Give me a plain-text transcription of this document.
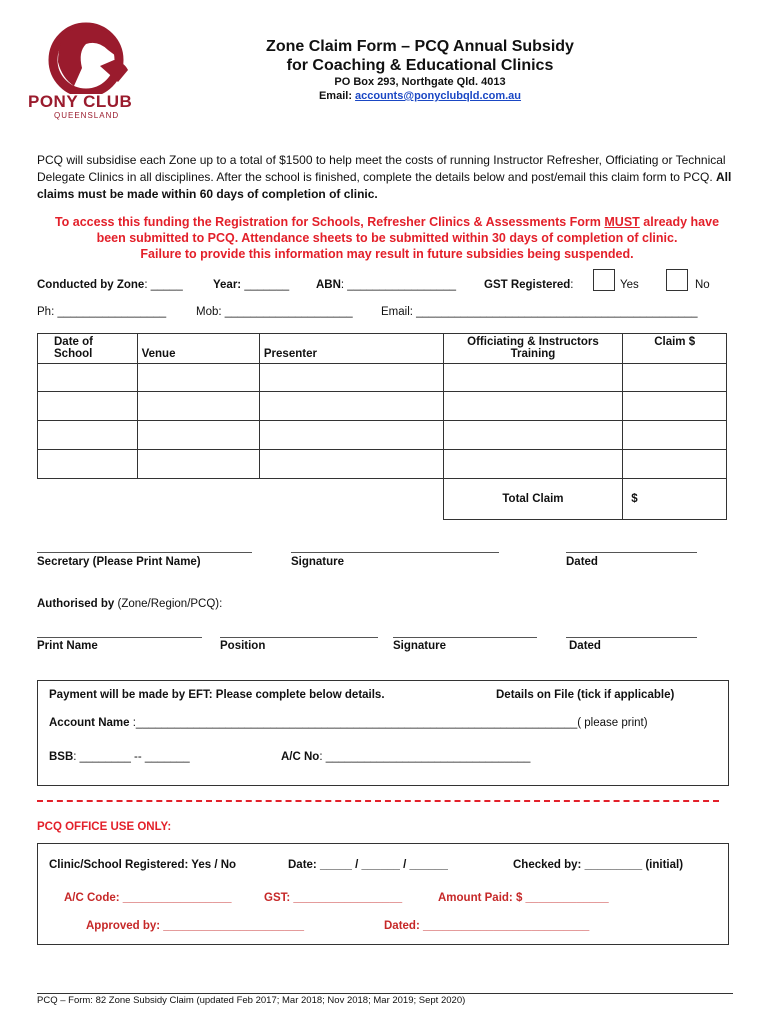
PONY CLUB
QUEENSLAND
Zone Claim Form – PCQ Annual Subsidy
for Coaching & Educational Clinics
PO Box 293, Northgate Qld. 4013
Email: accounts@ponyclubqld.com.au
PCQ will subsidise each Zone up to a total of $1500 to help meet the costs of running Instructor Refresher, Officiating or Technical Delegate Clinics in all disciplines. After the school is finished, complete the details below and post/email this claim form to PCQ. All claims must be made within 60 days of completion of clinic.
To access this funding the Registration for Schools, Refresher Clinics & Assessments Form MUST already have
been submitted to PCQ. Attendance sheets to be submitted within 30 days of completion of clinic.
Failure to provide this information may result in future subsidies being suspended.
Conducted by Zone: _____	Year: _______ ABN: _________________ GST Registered:	Yes	No
Ph: _________________	Mob: ____________________ Email: ____________________________________________
Date of School	Venue	Presenter	Officiating & Instructors Training	Claim $

			Total Claim	$
Secretary (Please Print Name)	Signature	Dated
Authorised by (Zone/Region/PCQ):
Print Name	Position	Signature	Dated
Payment will be made by EFT: Please complete below details.	Details on File (tick if applicable)
Account Name :_____________________________________________________________________( please print)
BSB: ________ -- _______	A/C No: ________________________________
PCQ OFFICE USE ONLY:
Clinic/School Registered: Yes / No	Date: _____ / ______ / ______	Checked by: _________ (initial)
A/C Code: _________________	GST: _________________	Amount Paid: $ _____________
Approved by: ______________________	Dated: __________________________
PCQ – Form: 82 Zone Subsidy Claim (updated Feb 2017; Mar 2018; Nov 2018; Mar 2019; Sept 2020)
